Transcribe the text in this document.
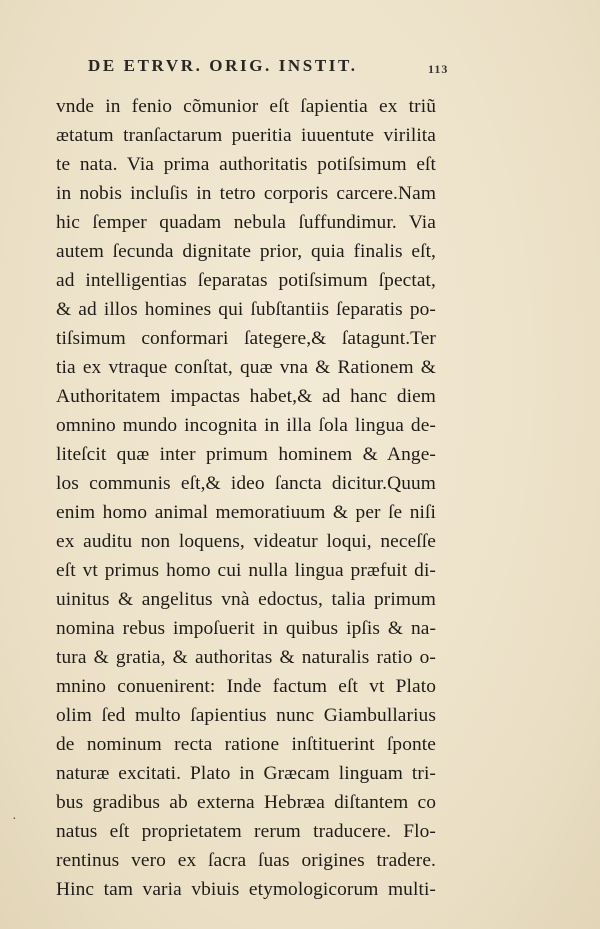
DE ETRVR. ORIG. INSTIT.	113
vnde in fenio cõmunior eſt ſapientia ex triũ
ætatum tranſactarum pueritia iuuentute virilita
te nata. Via prima authoritatis potiſsimum eſt
in nobis incluſis in tetro corporis carcere.Nam
hic ſemper quadam nebula ſuffundimur. Via
autem ſecunda dignitate prior, quia finalis eſt,
ad intelligentias ſeparatas potiſsimum ſpectat,
& ad illos homines qui ſubſtantiis ſeparatis po-
tiſsimum conformari ſategere,& ſatagunt.Ter
tia ex vtraque conſtat, quæ vna & Rationem &
Authoritatem impactas habet,& ad hanc diem
omnino mundo incognita in illa ſola lingua de-
liteſcit quæ inter primum hominem & Ange-
los communis eſt,& ideo ſancta dicitur.Quum
enim homo animal memoratiuum & per ſe niſi
ex auditu non loquens, videatur loqui, neceſſe
eſt vt primus homo cui nulla lingua præfuit di-
uinitus & angelitus vnà edoctus, talia primum
nomina rebus impoſuerit in quibus ipſis & na-
tura & gratia, & authoritas & naturalis ratio o-
mnino conuenirent: Inde factum eſt vt Plato
olim ſed multo ſapientius nunc Giambullarius
de nominum recta ratione inſtituerint ſponte
naturæ excitati. Plato in Græcam linguam tri-
bus gradibus ab externa Hebræa diſtantem co
natus eſt proprietatem rerum traducere. Flo-
rentinus vero ex ſacra ſuas origines tradere.
Hinc tam varia vbiuis etymologicorum multi-
·
